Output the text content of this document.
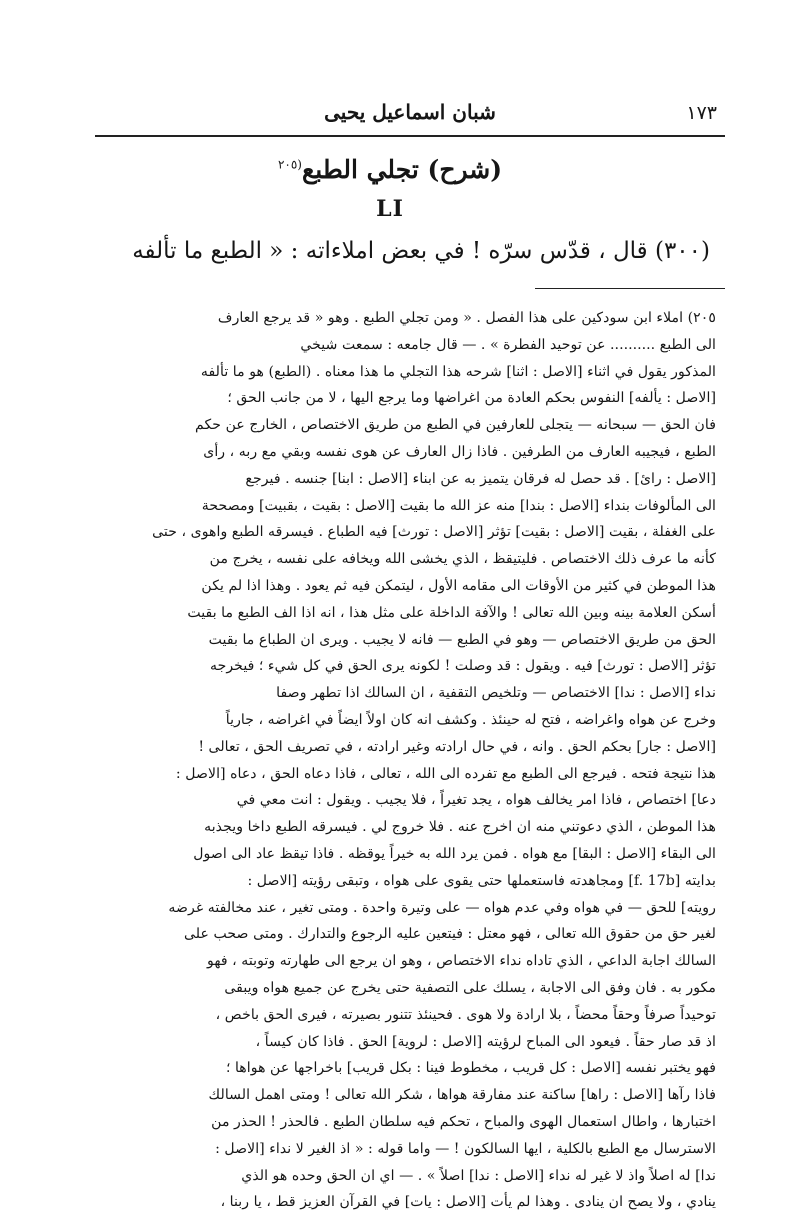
١٧٣
شبان اسماعيل يحيى
(شرح) تجلي الطبع$^{(٢٠٥}$
LI
(٣٠٠) قال ، قدّس سرّه ! في بعض املاءاته : « الطبع ما تألفه
٢٠٥) املاء ابن سودكين على هذا الفصل . « ومن تجلي الطبع . وهو « قد يرجع العارف
الى الطبع .......... عن توحيد الفطرة » . — قال جامعه : سمعت شيخي
المذكور يقول في اثناء [الاصل : اثنا] شرحه هذا التجلي ما هذا معناه . (الطبع) هو ما تألفه
[الاصل : يألفه] النفوس بحكم العادة من اغراضها وما يرجع اليها ، لا من جانب الحق ؛
فان الحق — سبحانه — يتجلى للعارفين في الطبع من طريق الاختصاص ، الخارج عن حكم
الطبع ، فيجيبه العارف من الطرفين . فاذا زال العارف عن هوى نفسه وبقي مع ربه ، رأى
[الاصل : رائ] . قد حصل له فرقان يتميز به عن ابناء [الاصل : ابنا] جنسه . فيرجع
الى المألوفات بنداء [الاصل : بندا] منه عز الله ما بقيت [الاصل : بقيت ، بقبيت] ومصححة
على الغفلة ، بقيت [الاصل : بقيت] تؤثر [الاصل : تورث] فيه الطباع . فيسرقه الطبع واهوى ، حتى
كأنه ما عرف ذلك الاختصاص . فليتيقظ ، الذي يخشى الله ويخافه على نفسه ، يخرج من
هذا الموطن في كثير من الأوقات الى مقامه الأول ، ليتمكن فيه ثم يعود . وهذا اذا لم يكن
أسكن العلامة بينه وبين الله تعالى ! والآفة الداخلة على مثل هذا ، انه اذا الف الطبع ما بقيت
الحق من طريق الاختصاص — وهو في الطبع — فانه لا يجيب . ويرى ان الطباع ما بقيت
تؤثر [الاصل : تورث] فيه . ويقول : قد وصلت ! لكونه يرى الحق في كل شيء ؛ فيخرجه
نداء [الاصل : ندا] الاختصاص — وتلخيص التقفية ، ان السالك اذا تطهر وصفا
وخرج عن هواه واغراضه ، فتح له حينئذ . وكشف انه كان اولاً ايضاً في اغراضه ، جارياً
[الاصل : جار] بحكم الحق . وانه ، في حال ارادته وغير ارادته ، في تصريف الحق ، تعالى !
هذا نتيجة فتحه . فيرجع الى الطبع مع تفرده الى الله ، تعالى ، فاذا دعاه الحق ، دعاه [الاصل :
دعا] اختصاص ، فاذا امر يخالف هواه ، يجد تغيراً ، فلا يجيب . ويقول : انت معي في
هذا الموطن ، الذي دعوتني منه ان اخرج عنه . فلا خروج لي . فيسرقه الطبع داخا ويجذبه
الى البقاء [الاصل : البقا] مع هواه . فمن يرد الله به خيراً يوقظه . فاذا تيقظ عاد الى اصول
بدايته [f. 17b] ومجاهدته فاستعملها حتى يقوى على هواه ، وتبقى رؤيته [الاصل :
رويته] للحق — في هواه وفي عدم هواه — على وتيرة واحدة . ومتى تغير ، عند مخالفته غرضه
لغير حق من حقوق الله تعالى ، فهو معتل : فيتعين عليه الرجوع والتدارك . ومتى صحب على
السالك اجابة الداعي ، الذي تاداه نداء الاختصاص ، وهو ان يرجع الى طهارته وتوبته ، فهو
مكور به . فان وفق الى الاجابة ، يسلك على التصفية حتى يخرج عن جميع هواه ويبقى
توحيداً صرفاً وحقاً محضاً ، بلا ارادة ولا هوى . فحينئذ تتنور بصيرته ، فيرى الحق باخص ،
اذ قد صار حقاً . فيعود الى المباح لرؤيته [الاصل : لروية] الحق . فاذا كان كيساً ،
فهو يختبر نفسه [الاصل : كل قريب ، مخطوط فينا : بكل قريب] باخراجها عن هواها ؛
فاذا رآها [الاصل : راها] ساكنة عند مفارقة هواها ، شكر الله تعالى ! ومتى اهمل السالك
اختبارها ، واطال استعمال الهوى والمباح ، تحكم فيه سلطان الطبع . فالحذر ! الحذر من
الاسترسال مع الطبع بالكلية ، ايها السالكون ! — واما قوله : « اذ الغير لا نداء [الاصل :
ندا] له اصلاً واذ لا غير له نداء [الاصل : ندا] اصلاً » . — اي ان الحق وحده هو الذي
ينادي ، ولا يصح ان ينادى . وهذا لم يأت [الاصل : يات] في القرآن العزيز قط ، يا ربنا ،
